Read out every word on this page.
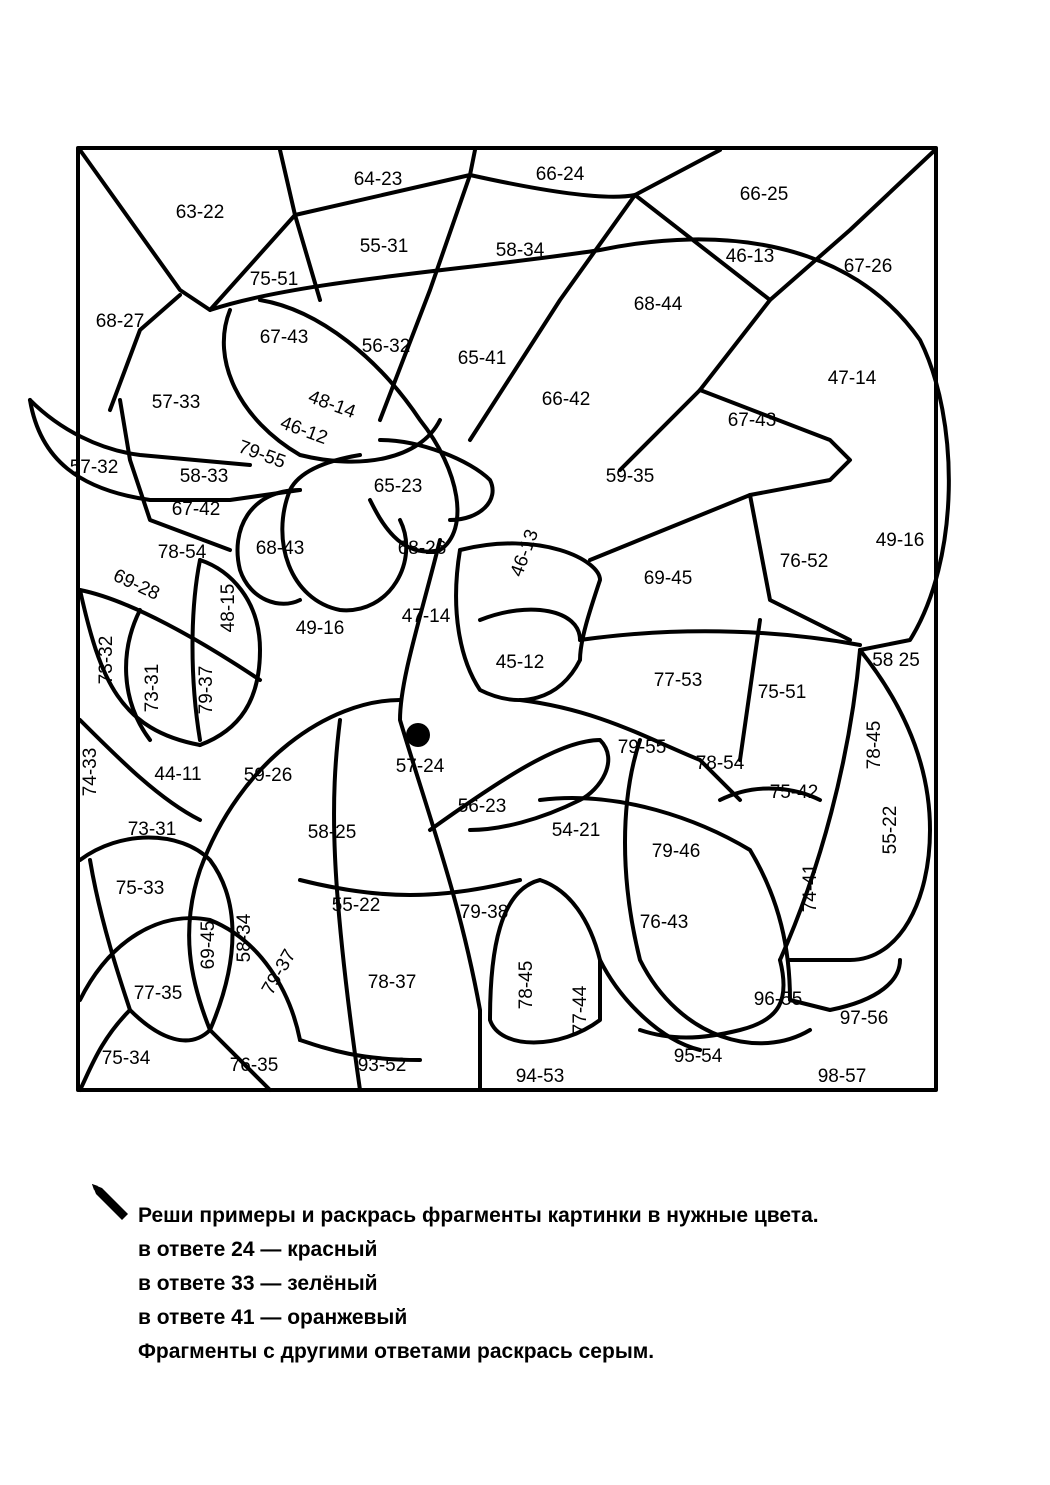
63-22
64-23	66-24
66-25
67-26
68-27
75-51
55-31	58-34	46-13
67-43	56-32
65-41
68-44
47-14
57-33	48-14
46-12
66-42
67-43
79-55
57-32	58-33	65-23	59-35
67-42
78-54	68-43	68-26	46-13	69-45
76-52
49-16
69-28	48-15	49-16
47-14
45-12
77-53
75-51
58 25
73-32
73-31 79-37
57-24
79-55
78-54	78-45
74-33	44-11 59-26
56-23
75-42
73-31	58-25	54-21
79-46	55-22
75-33
55-22	79-38	76-43
74-41
69-45 58-34
79-37	78-37	78-45
77-44	96-55
77-35
97-56
75-34	76-35	93-52
94-53
95-54
98-57
Реши примеры и раскрась фрагменты картинки в нужные цвета.
в ответе 24 — красный
в ответе 33 — зелёный
в ответе 41 — оранжевый
Фрагменты с другими ответами раскрась серым.
